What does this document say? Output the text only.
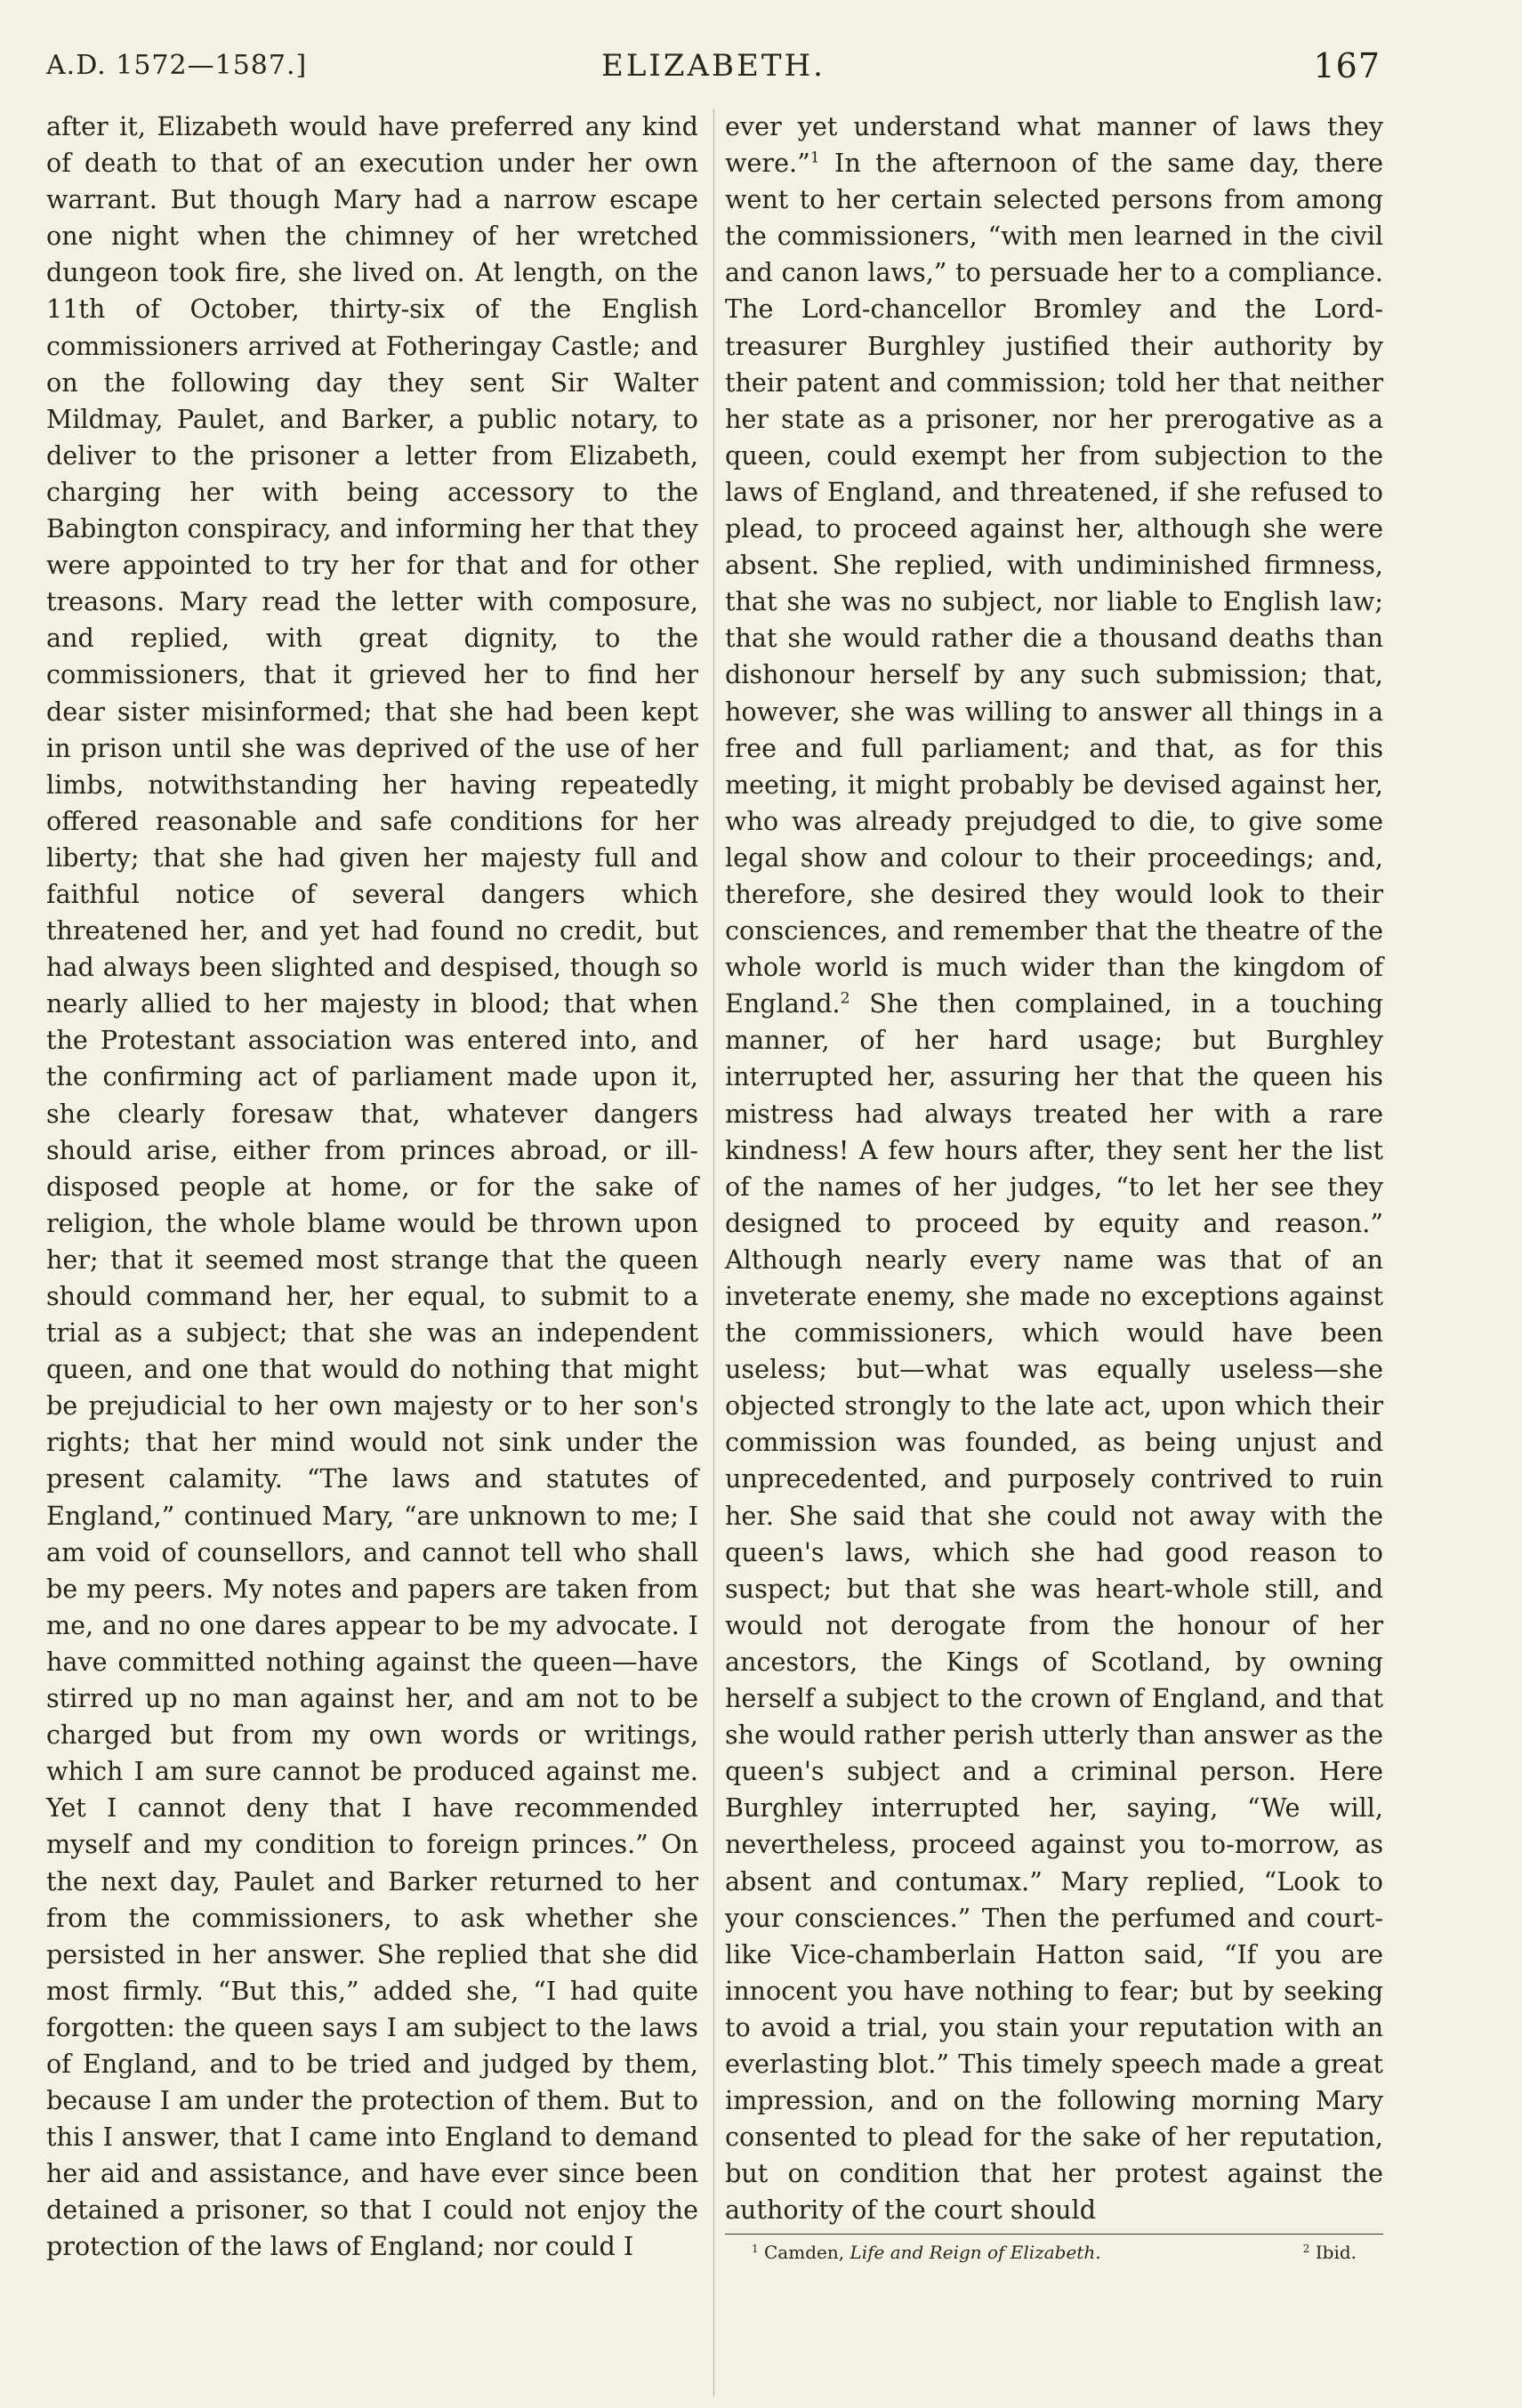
A.D. 1572—1587.]	ELIZABETH.	167

after it, Elizabeth would have preferred any kind of death to that of an execution under her own warrant. But though Mary had a narrow escape one night when the chimney of her wretched dungeon took fire, she lived on. At length, on the 11th of October, thirty-six of the English commissioners arrived at Fotheringay Castle; and on the following day they sent Sir Walter Mildmay, Paulet, and Barker, a public notary, to deliver to the prisoner a letter from Elizabeth, charging her with being accessory to the Babington conspiracy, and informing her that they were appointed to try her for that and for other treasons. Mary read the letter with composure, and replied, with great dignity, to the commissioners, that it grieved her to find her dear sister misinformed; that she had been kept in prison until she was deprived of the use of her limbs, notwithstanding her having repeatedly offered reasonable and safe conditions for her liberty; that she had given her majesty full and faithful notice of several dangers which threatened her, and yet had found no credit, but had always been slighted and despised, though so nearly allied to her majesty in blood; that when the Protestant association was entered into, and the confirming act of parliament made upon it, she clearly foresaw that, whatever dangers should arise, either from princes abroad, or ill-disposed people at home, or for the sake of religion, the whole blame would be thrown upon her; that it seemed most strange that the queen should command her, her equal, to submit to a trial as a subject; that she was an independent queen, and one that would do nothing that might be prejudicial to her own majesty or to her son's rights; that her mind would not sink under the present calamity. “The laws and statutes of England,” continued Mary, “are unknown to me; I am void of counsellors, and cannot tell who shall be my peers. My notes and papers are taken from me, and no one dares appear to be my advocate. I have committed nothing against the queen—have stirred up no man against her, and am not to be charged but from my own words or writings, which I am sure cannot be produced against me. Yet I cannot deny that I have recommended myself and my condition to foreign princes.” On the next day, Paulet and Barker returned to her from the commissioners, to ask whether she persisted in her answer. She replied that she did most firmly. “But this,” added she, “I had quite forgotten: the queen says I am subject to the laws of England, and to be tried and judged by them, because I am under the protection of them. But to this I answer, that I came into England to demand her aid and assistance, and have ever since been detained a prisoner, so that I could not enjoy the protection of the laws of England; nor could I

ever yet understand what manner of laws they were.”$^1$ In the afternoon of the same day, there went to her certain selected persons from among the commissioners, “with men learned in the civil and canon laws,” to persuade her to a compliance. The Lord-chancellor Bromley and the Lord-treasurer Burghley justified their authority by their patent and commission; told her that neither her state as a prisoner, nor her prerogative as a queen, could exempt her from subjection to the laws of England, and threatened, if she refused to plead, to proceed against her, although she were absent. She replied, with undiminished firmness, that she was no subject, nor liable to English law; that she would rather die a thousand deaths than dishonour herself by any such submission; that, however, she was willing to answer all things in a free and full parliament; and that, as for this meeting, it might probably be devised against her, who was already prejudged to die, to give some legal show and colour to their proceedings; and, therefore, she desired they would look to their consciences, and remember that the theatre of the whole world is much wider than the kingdom of England.$^2$ She then complained, in a touching manner, of her hard usage; but Burghley interrupted her, assuring her that the queen his mistress had always treated her with a rare kindness! A few hours after, they sent her the list of the names of her judges, “to let her see they designed to proceed by equity and reason.” Although nearly every name was that of an inveterate enemy, she made no exceptions against the commissioners, which would have been useless; but—what was equally useless—she objected strongly to the late act, upon which their commission was founded, as being unjust and unprecedented, and purposely contrived to ruin her. She said that she could not away with the queen's laws, which she had good reason to suspect; but that she was heart-whole still, and would not derogate from the honour of her ancestors, the Kings of Scotland, by owning herself a subject to the crown of England, and that she would rather perish utterly than answer as the queen's subject and a criminal person. Here Burghley interrupted her, saying, “We will, nevertheless, proceed against you to-morrow, as absent and contumax.” Mary replied, “Look to your consciences.” Then the perfumed and court-like Vice-chamberlain Hatton said, “If you are innocent you have nothing to fear; but by seeking to avoid a trial, you stain your reputation with an everlasting blot.” This timely speech made a great impression, and on the following morning Mary consented to plead for the sake of her reputation, but on condition that her protest against the authority of the court should

$^1$ Camden, Life and Reign of Elizabeth.	$^2$ Ibid.
